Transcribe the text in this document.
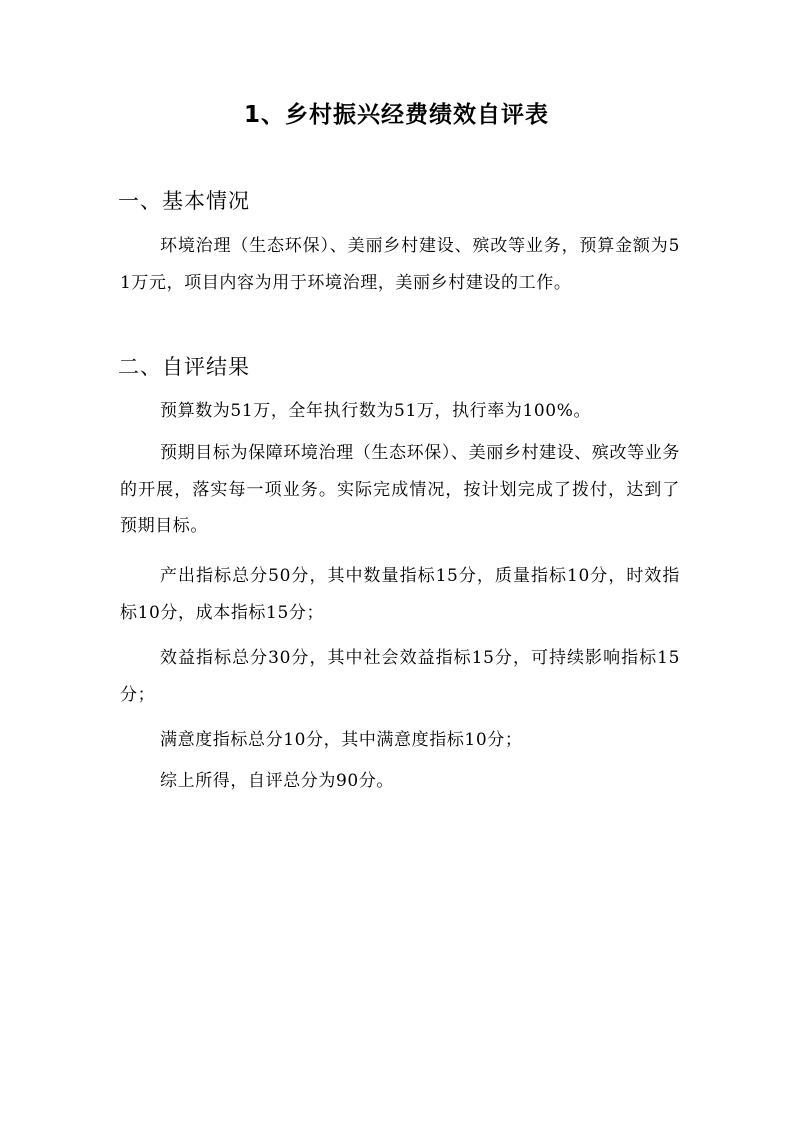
1、乡村振兴经费绩效自评表
一、基本情况

环境治理（生态环保）、美丽乡村建设、殡改等业务，预算金额为51万元，项目内容为用于环境治理，美丽乡村建设的工作。

二、自评结果

预算数为51万，全年执行数为51万，执行率为100%。

预期目标为保障环境治理（生态环保）、美丽乡村建设、殡改等业务的开展，落实每一项业务。实际完成情况，按计划完成了拨付，达到了预期目标。

产出指标总分50分，其中数量指标15分，质量指标10分，时效指标10分，成本指标15分；

效益指标总分30分，其中社会效益指标15分，可持续影响指标15分；

满意度指标总分10分，其中满意度指标10分；

综上所得，自评总分为90分。
